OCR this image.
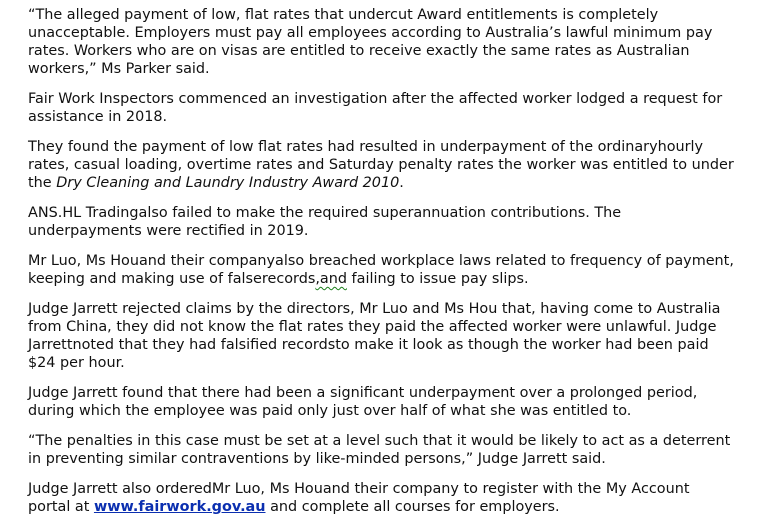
“The alleged payment of low, flat rates that undercut Award entitlements is completely
unacceptable. Employers must pay all employees according to Australia’s lawful minimum pay
rates. Workers who are on visas are entitled to receive exactly the same rates as Australian
workers,” Ms Parker said.

Fair Work Inspectors commenced an investigation after the affected worker lodged a request for
assistance in 2018.

They found the payment of low flat rates had resulted in underpayment of the ordinaryhourly
rates, casual loading, overtime rates and Saturday penalty rates the worker was entitled to under
the Dry Cleaning and Laundry Industry Award 2010.

ANS.HL Tradingalso failed to make the required superannuation contributions. The
underpayments were rectified in 2019.

Mr Luo, Ms Houand their companyalso breached workplace laws related to frequency of payment,
keeping and making use of falserecords,and failing to issue pay slips.

Judge Jarrett rejected claims by the directors, Mr Luo and Ms Hou that, having come to Australia
from China, they did not know the flat rates they paid the affected worker were unlawful. Judge
Jarrettnoted that they had falsified recordsto make it look as though the worker had been paid
$24 per hour.

Judge Jarrett found that there had been a significant underpayment over a prolonged period,
during which the employee was paid only just over half of what she was entitled to.

“The penalties in this case must be set at a level such that it would be likely to act as a deterrent
in preventing similar contraventions by like-minded persons,” Judge Jarrett said.

Judge Jarrett also orderedMr Luo, Ms Houand their company to register with the My Account
portal at www.fairwork.gov.au and complete all courses for employers.
